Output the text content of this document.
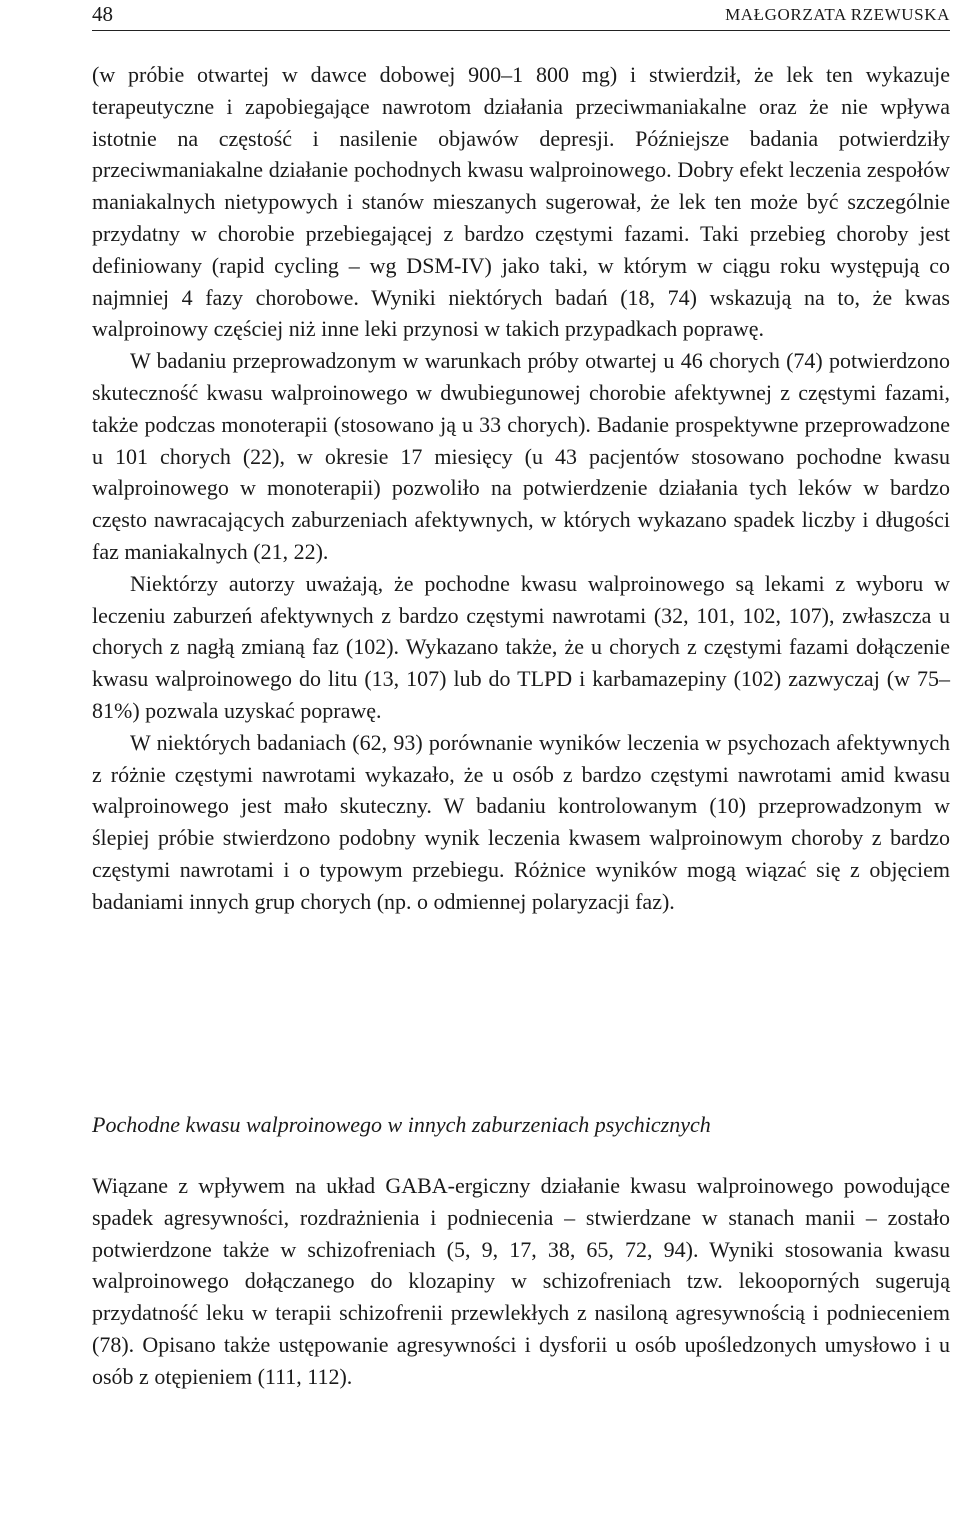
48	MAŁGORZATA RZEWUSKA

(w próbie otwartej w dawce dobowej 900–1 800 mg) i stwierdził, że lek ten wykazuje terapeutyczne i zapobiegające nawrotom działania przeciwmaniakalne oraz że nie wpływa istotnie na częstość i nasilenie objawów depresji. Późniejsze badania potwierdziły przeciwmaniakalne działanie pochodnych kwasu walproinowego. Dobry efekt leczenia zespołów maniakalnych nietypowych i stanów mieszanych sugerował, że lek ten może być szczególnie przydatny w chorobie przebiegającej z bardzo częstymi fazami. Taki przebieg choroby jest definiowany (rapid cycling – wg DSM-IV) jako taki, w którym w ciągu roku występują co najmniej 4 fazy chorobowe. Wyniki niektórych badań (18, 74) wskazują na to, że kwas walproinowy częściej niż inne leki przynosi w takich przypadkach poprawę.

W badaniu przeprowadzonym w warunkach próby otwartej u 46 chorych (74) potwierdzono skuteczność kwasu walproinowego w dwubiegunowej chorobie afektywnej z częstymi fazami, także podczas monoterapii (stosowano ją u 33 chorych). Badanie prospektywne przeprowadzone u 101 chorych (22), w okresie 17 miesięcy (u 43 pacjentów stosowano pochodne kwasu walproinowego w monoterapii) pozwoliło na potwierdzenie działania tych leków w bardzo często nawracających zaburzeniach afektywnych, w których wykazano spadek liczby i długości faz maniakalnych (21, 22).

Niektórzy autorzy uważają, że pochodne kwasu walproinowego są lekami z wyboru w leczeniu zaburzeń afektywnych z bardzo częstymi nawrotami (32, 101, 102, 107), zwłaszcza u chorych z nagłą zmianą faz (102). Wykazano także, że u chorych z częstymi fazami dołączenie kwasu walproinowego do litu (13, 107) lub do TLPD i karbamazepiny (102) zazwyczaj (w 75–81%) pozwala uzyskać poprawę.

W niektórych badaniach (62, 93) porównanie wyników leczenia w psychozach afektywnych z różnie częstymi nawrotami wykazało, że u osób z bardzo częstymi nawrotami amid kwasu walproinowego jest mało skuteczny. W badaniu kontrolowanym (10) przeprowadzonym w ślepiej próbie stwierdzono podobny wynik leczenia kwasem walproinowym choroby z bardzo częstymi nawrotami i o typowym przebiegu. Różnice wyników mogą wiązać się z objęciem badaniami innych grup chorych (np. o odmiennej polaryzacji faz).

Pochodne kwasu walproinowego w innych zaburzeniach psychicznych

Wiązane z wpływem na układ GABA-ergiczny działanie kwasu walproinowego powodujące spadek agresywności, rozdrażnienia i podniecenia – stwierdzane w stanach manii – zostało potwierdzone także w schizofreniach (5, 9, 17, 38, 65, 72, 94). Wyniki stosowania kwasu walproinowego dołączanego do klozapiny w schizofreniach tzw. lekooporných sugerują przydatność leku w terapii schizofrenii przewlekłych z nasiloną agresywnością i podnieceniem (78). Opisano także ustępowanie agresywności i dysforii u osób upośledzonych umysłowo i u osób z otępieniem (111, 112).
